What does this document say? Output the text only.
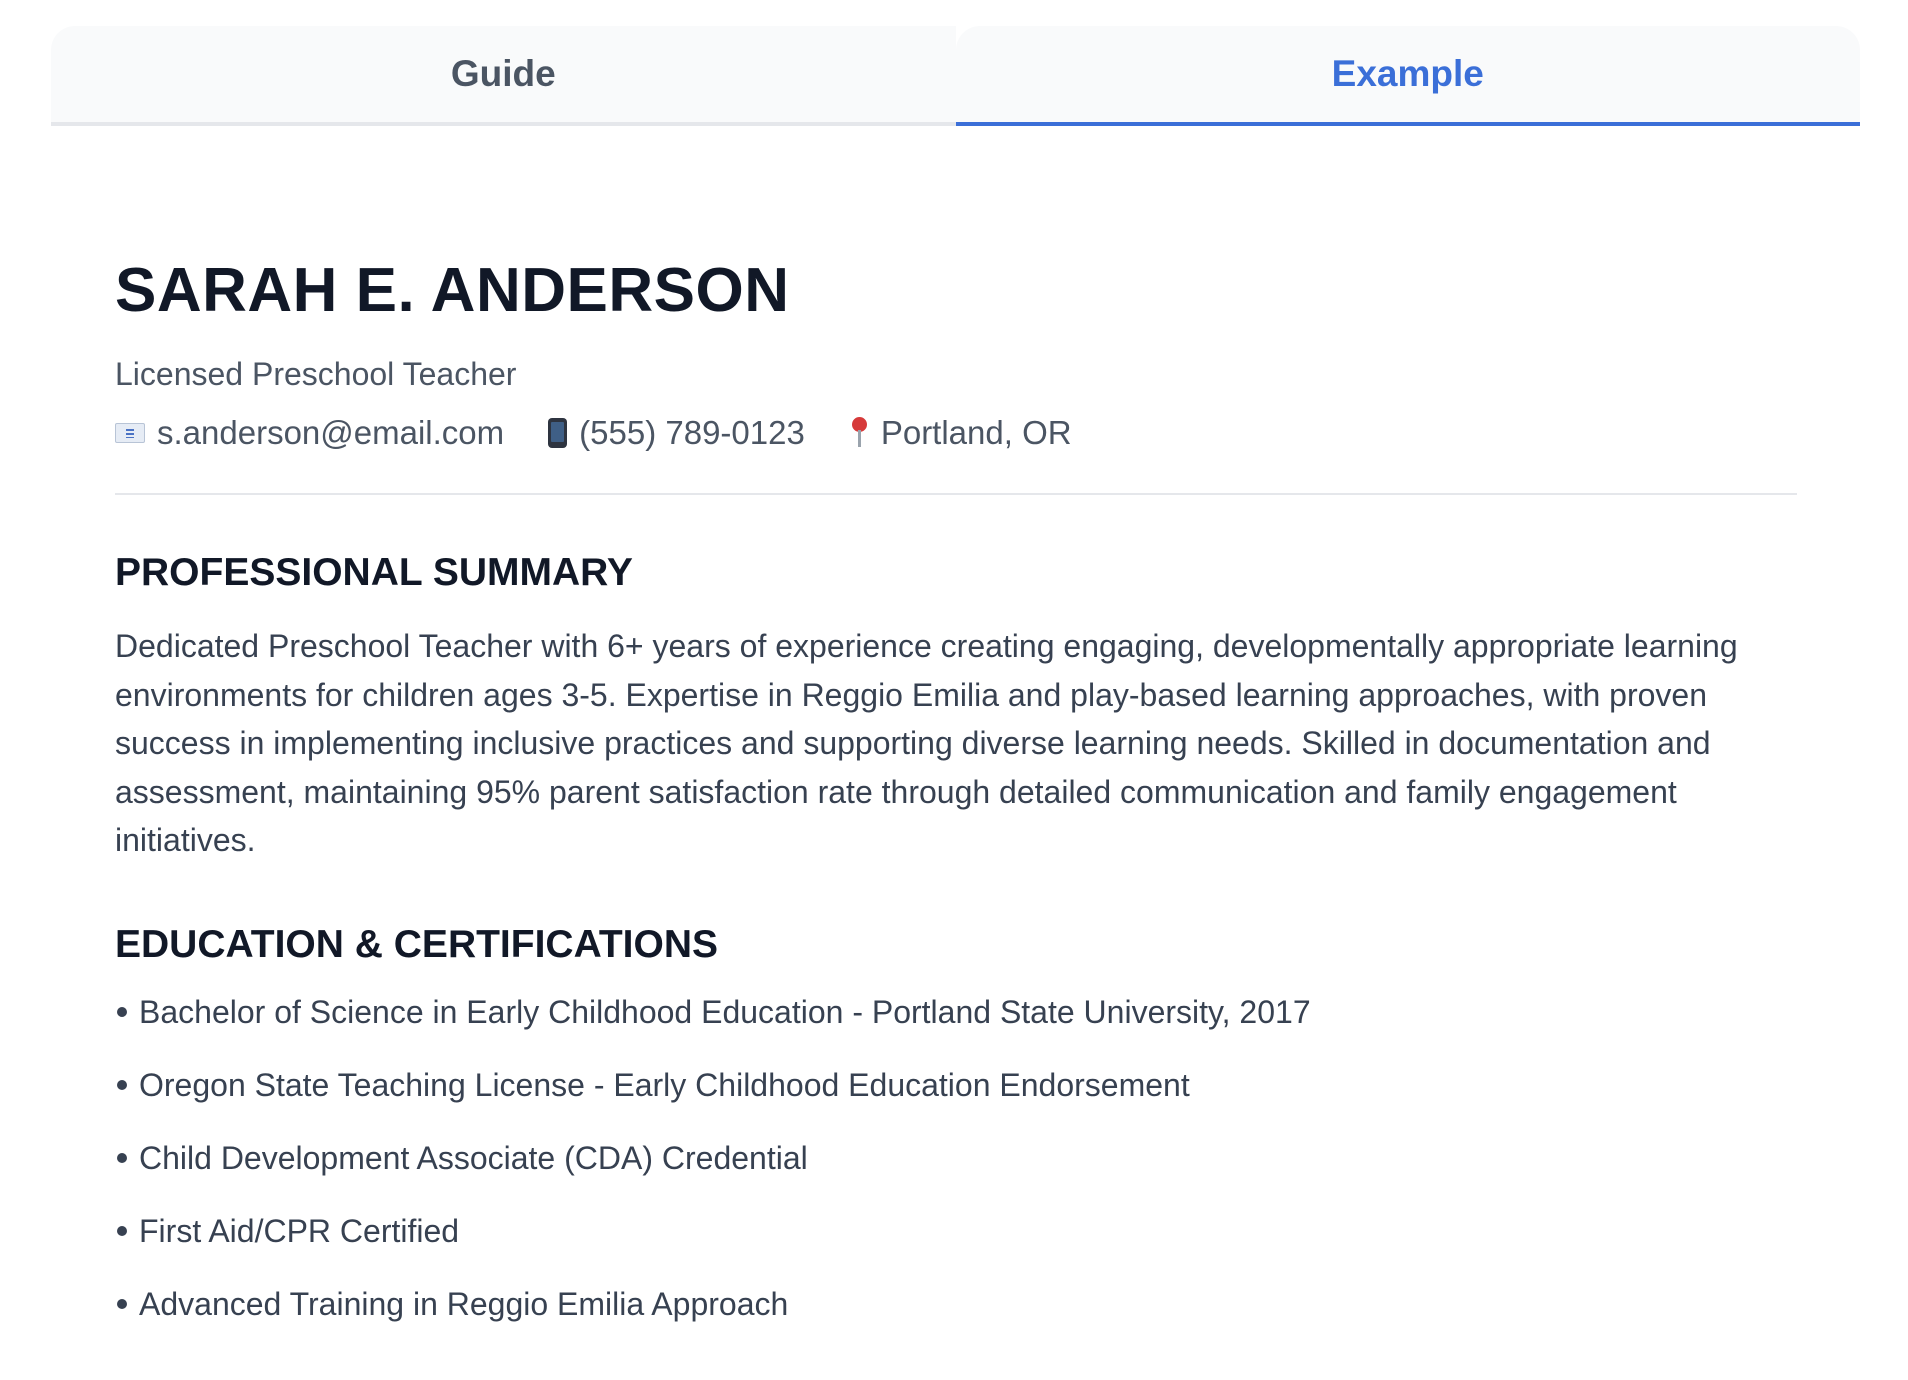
Guide	Example
SARAH E. ANDERSON
Licensed Preschool Teacher
s.anderson@email.com (555) 789-0123 Portland, OR
PROFESSIONAL SUMMARY

Dedicated Preschool Teacher with 6+ years of experience creating engaging, developmentally appropriate learning environments for children ages 3-5. Expertise in Reggio Emilia and play-based learning approaches, with proven success in implementing inclusive practices and supporting diverse learning needs. Skilled in documentation and assessment, maintaining 95% parent satisfaction rate through detailed communication and family engagement initiatives.

EDUCATION & CERTIFICATIONS
Bachelor of Science in Early Childhood Education - Portland State University, 2017
Oregon State Teaching License - Early Childhood Education Endorsement
Child Development Associate (CDA) Credential
First Aid/CPR Certified
Advanced Training in Reggio Emilia Approach
